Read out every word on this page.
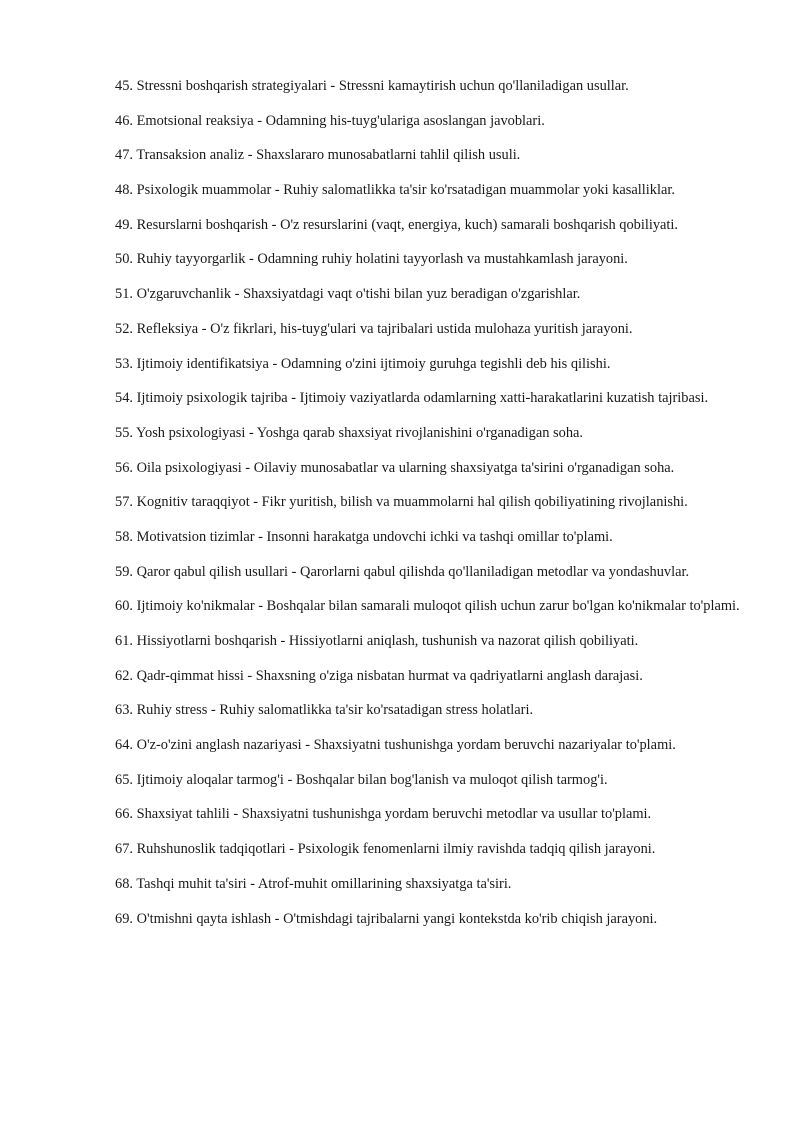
45. Stressni boshqarish strategiyalari - Stressni kamaytirish uchun qo'llaniladigan usullar.
46. Emotsional reaksiya - Odamning his-tuyg'ulariga asoslangan javoblari.
47. Transaksion analiz - Shaxslararo munosabatlarni tahlil qilish usuli.
48. Psixologik muammolar - Ruhiy salomatlikka ta'sir ko'rsatadigan muammolar yoki kasalliklar.
49. Resurslarni boshqarish - O'z resurslarini (vaqt, energiya, kuch) samarali boshqarish qobiliyati.
50. Ruhiy tayyorgarlik - Odamning ruhiy holatini tayyorlash va mustahkamlash jarayoni.
51. O'zgaruvchanlik - Shaxsiyatdagi vaqt o'tishi bilan yuz beradigan o'zgarishlar.
52. Refleksiya - O'z fikrlari, his-tuyg'ulari va tajribalari ustida mulohaza yuritish jarayoni.
53. Ijtimoiy identifikatsiya - Odamning o'zini ijtimoiy guruhga tegishli deb his qilishi.
54. Ijtimoiy psixologik tajriba - Ijtimoiy vaziyatlarda odamlarning xatti-harakatlarini kuzatish tajribasi.
55. Yosh psixologiyasi - Yoshga qarab shaxsiyat rivojlanishini o'rganadigan soha.
56. Oila psixologiyasi - Oilaviy munosabatlar va ularning shaxsiyatga ta'sirini o'rganadigan soha.
57. Kognitiv taraqqiyot - Fikr yuritish, bilish va muammolarni hal qilish qobiliyatining rivojlanishi.
58. Motivatsion tizimlar - Insonni harakatga undovchi ichki va tashqi omillar to'plami.
59. Qaror qabul qilish usullari - Qarorlarni qabul qilishda qo'llaniladigan metodlar va yondashuvlar.
60. Ijtimoiy ko'nikmalar - Boshqalar bilan samarali muloqot qilish uchun zarur bo'lgan ko'nikmalar to'plami.
61. Hissiyotlarni boshqarish - Hissiyotlarni aniqlash, tushunish va nazorat qilish qobiliyati.
62. Qadr-qimmat hissi - Shaxsning o'ziga nisbatan hurmat va qadriyatlarni anglash darajasi.
63. Ruhiy stress - Ruhiy salomatlikka ta'sir ko'rsatadigan stress holatlari.
64. O'z-o'zini anglash nazariyasi - Shaxsiyatni tushunishga yordam beruvchi nazariyalar to'plami.
65. Ijtimoiy aloqalar tarmog'i - Boshqalar bilan bog'lanish va muloqot qilish tarmog'i.
66. Shaxsiyat tahlili - Shaxsiyatni tushunishga yordam beruvchi metodlar va usullar to'plami.
67. Ruhshunoslik tadqiqotlari - Psixologik fenomenlarni ilmiy ravishda tadqiq qilish jarayoni.
68. Tashqi muhit ta'siri - Atrof-muhit omillarining shaxsiyatga ta'siri.
69. O'tmishni qayta ishlash - O'tmishdagi tajribalarni yangi kontekstda ko'rib chiqish jarayoni.
